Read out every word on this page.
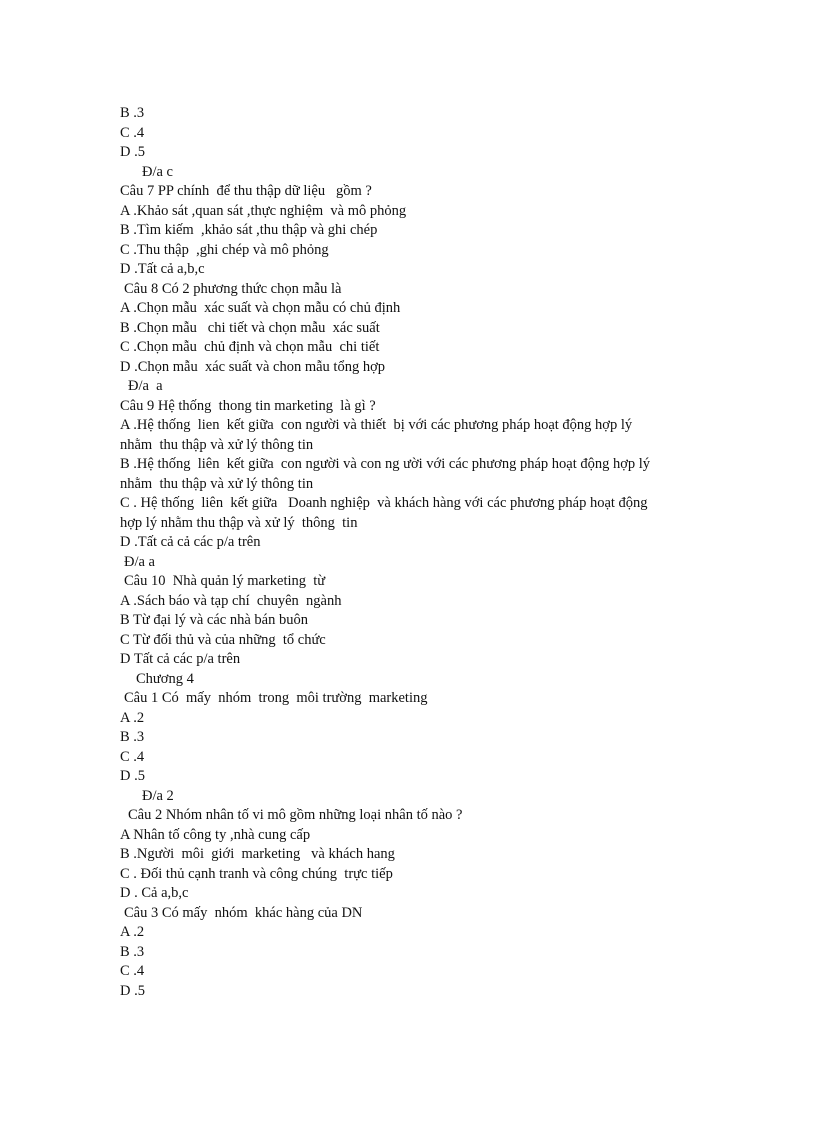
B .3

C .4

D .5

Đ/a c

Câu 7 PP chính  để thu thập dữ liệu   gồm ?

A .Khảo sát ,quan sát ,thực nghiệm  và mô phỏng

B .Tìm kiếm  ,khảo sát ,thu thập và ghi chép

C .Thu thập  ,ghi chép và mô phỏng

D .Tất cả a,b,c

Câu 8 Có 2 phương thức chọn mẫu là

A .Chọn mẫu  xác suất và chọn mẫu có chủ định

B .Chọn mẫu   chi tiết và chọn mẫu  xác suất

C .Chọn mẫu  chủ định và chọn mẫu  chi tiết

D .Chọn mẫu  xác suất và chon mẫu tổng hợp

Đ/a  a

Câu 9 Hệ thống  thong tin marketing  là gì ?

A .Hệ thống  lien  kết giữa  con người và thiết  bị với các phương pháp hoạt động hợp lý

nhằm  thu thập và xử lý thông tin

B .Hệ thống  liên  kết giữa  con người và con ng ười với các phương pháp hoạt động hợp lý

nhằm  thu thập và xử lý thông tin

C . Hệ thống  liên  kết giữa   Doanh nghiệp  và khách hàng với các phương pháp hoạt động

hợp lý nhằm thu thập và xử lý  thông  tin

D .Tất cả cả các p/a trên

Đ/a a

Câu 10  Nhà quản lý marketing  từ

A .Sách báo và tạp chí  chuyên  ngành

B Từ đại lý và các nhà bán buôn

C Từ đối thủ và của những  tổ chức

D Tất cả các p/a trên

Chương 4

Câu 1 Có  mấy  nhóm  trong  môi trường  marketing

A .2

B .3

C .4

D .5

Đ/a 2

Câu 2 Nhóm nhân tố vi mô gồm những loại nhân tố nào ?

A Nhân tố công ty ,nhà cung cấp

B .Người  môi  giới  marketing   và khách hang

C . Đối thủ cạnh tranh và công chúng  trực tiếp

D . Cả a,b,c

Câu 3 Có mấy  nhóm  khác hàng của DN

A .2

B .3

C .4

D .5
